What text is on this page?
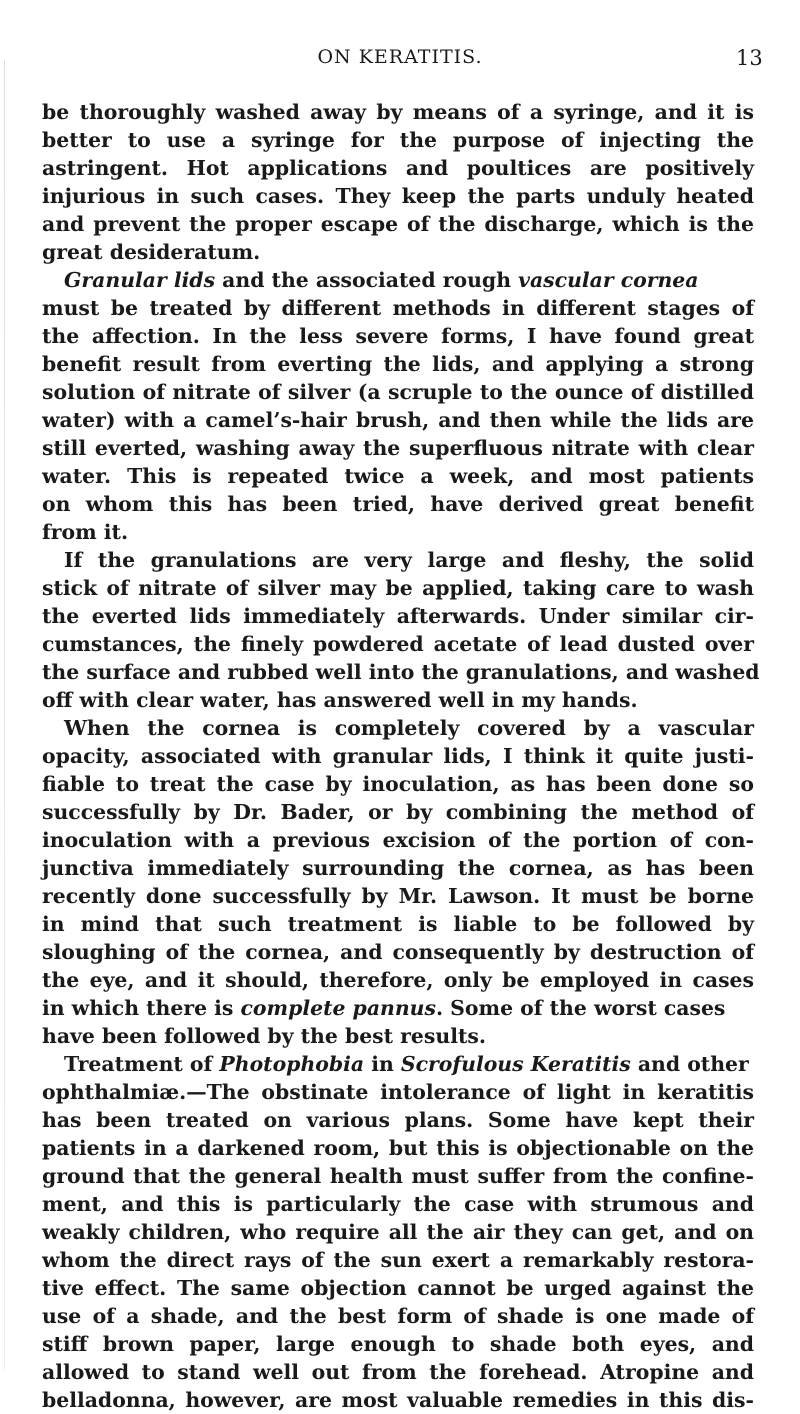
ON KERATITIS.	13
be thoroughly washed away by means of a syringe, and it is
better to use a syringe for the purpose of injecting the
astringent. Hot applications and poultices are positively
injurious in such cases. They keep the parts unduly heated
and prevent the proper escape of the discharge, which is the
great desideratum.
Granular lids and the associated rough vascular cornea
must be treated by different methods in different stages of
the affection. In the less severe forms, I have found great
benefit result from everting the lids, and applying a strong
solution of nitrate of silver (a scruple to the ounce of distilled
water) with a camel’s-hair brush, and then while the lids are
still everted, washing away the superfluous nitrate with clear
water. This is repeated twice a week, and most patients
on whom this has been tried, have derived great benefit
from it.
If the granulations are very large and fleshy, the solid
stick of nitrate of silver may be applied, taking care to wash
the everted lids immediately afterwards. Under similar cir-
cumstances, the finely powdered acetate of lead dusted over
the surface and rubbed well into the granulations, and washed
off with clear water, has answered well in my hands.
When the cornea is completely covered by a vascular
opacity, associated with granular lids, I think it quite justi-
fiable to treat the case by inoculation, as has been done so
successfully by Dr. Bader, or by combining the method of
inoculation with a previous excision of the portion of con-
junctiva immediately surrounding the cornea, as has been
recently done successfully by Mr. Lawson. It must be borne
in mind that such treatment is liable to be followed by
sloughing of the cornea, and consequently by destruction of
the eye, and it should, therefore, only be employed in cases
in which there is complete pannus. Some of the worst cases
have been followed by the best results.
Treatment of Photophobia in Scrofulous Keratitis and other
ophthalmiæ.—The obstinate intolerance of light in keratitis
has been treated on various plans. Some have kept their
patients in a darkened room, but this is objectionable on the
ground that the general health must suffer from the confine-
ment, and this is particularly the case with strumous and
weakly children, who require all the air they can get, and on
whom the direct rays of the sun exert a remarkably restora-
tive effect. The same objection cannot be urged against the
use of a shade, and the best form of shade is one made of
stiff brown paper, large enough to shade both eyes, and
allowed to stand well out from the forehead. Atropine and
belladonna, however, are most valuable remedies in this dis-
